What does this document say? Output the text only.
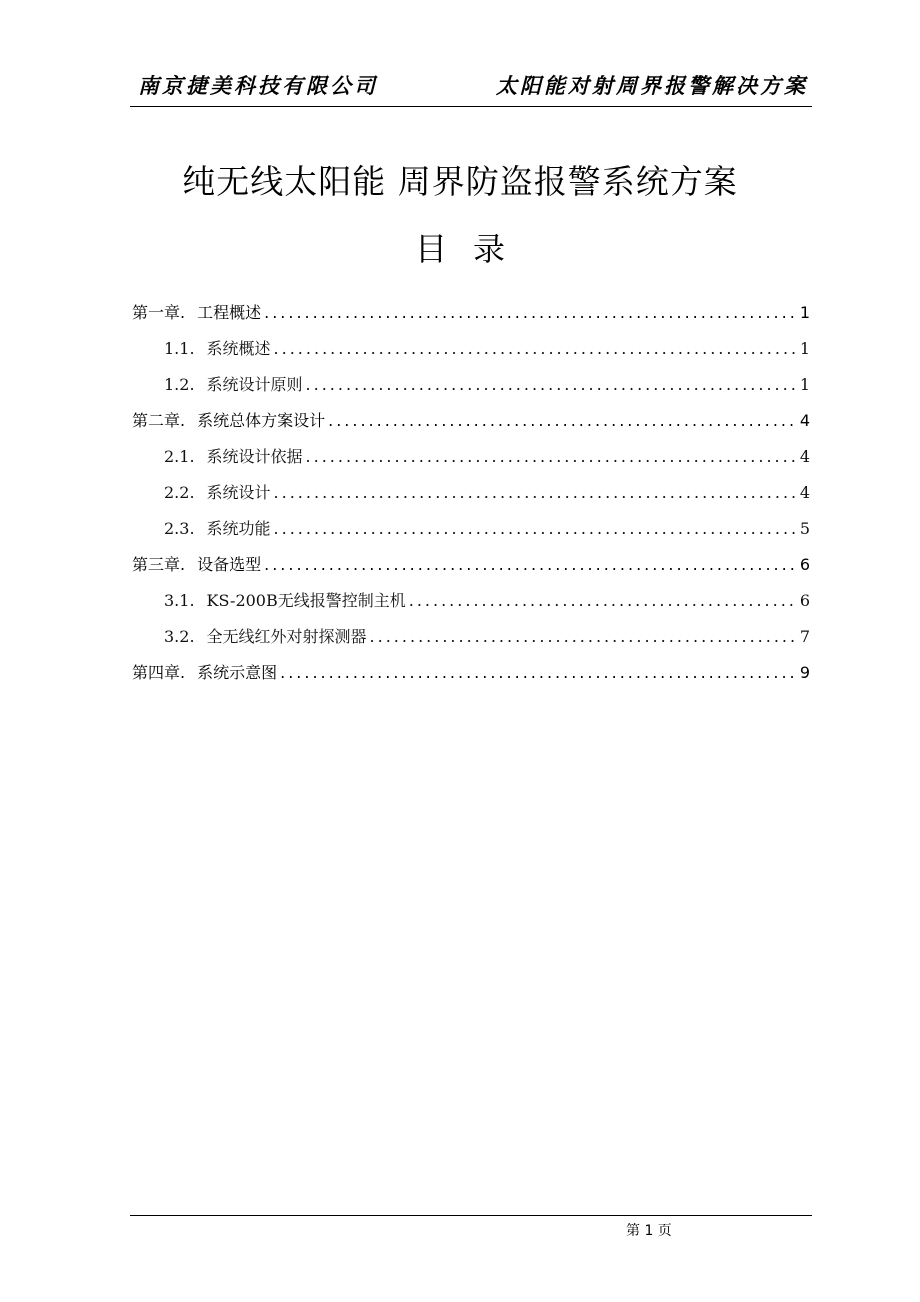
南京捷美科技有限公司	太阳能对射周界报警解决方案
纯无线太阳能 周界防盗报警系统方案
目录
第一章. 工程概述 .....	1
1.1. 系统概述 .....	1
1.2. 系统设计原则 .....	1
第二章. 系统总体方案设计 .....	4
2.1. 系统设计依据 .....	4
2.2. 系统设计 .....	4
2.3. 系统功能 .....	5
第三章. 设备选型 .....	6
3.1. KS-200B无线报警控制主机 .....	6
3.2. 全无线红外对射探测器 .....	7
第四章. 系统示意图 .....	9
第 1 页
